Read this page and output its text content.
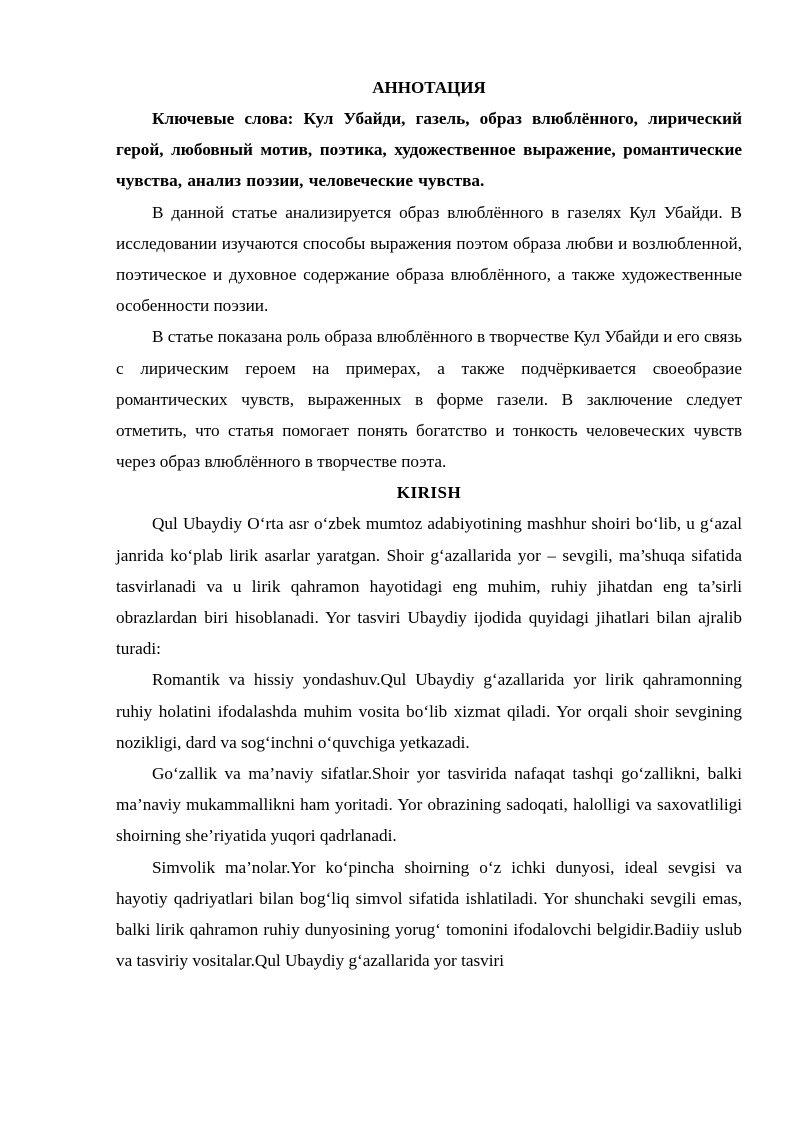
АННОТАЦИЯ

Ключевые слова: Кул Убайди, газель, образ влюблённого, лирический герой, любовный мотив, поэтика, художественное выражение, романтические чувства, анализ поэзии, человеческие чувства.

В данной статье анализируется образ влюблённого в газелях Кул Убайди. В исследовании изучаются способы выражения поэтом образа любви и возлюбленной, поэтическое и духовное содержание образа влюблённого, а также художественные особенности поэзии.

В статье показана роль образа влюблённого в творчестве Кул Убайди и его связь с лирическим героем на примерах, а также подчёркивается своеобразие романтических чувств, выраженных в форме газели. В заключение следует отметить, что статья помогает понять богатство и тонкость человеческих чувств через образ влюблённого в творчестве поэта.

KIRISH

Qul Ubaydiy O‘rta asr o‘zbek mumtoz adabiyotining mashhur shoiri bo‘lib, u g‘azal janrida ko‘plab lirik asarlar yaratgan. Shoir g‘azallarida yor – sevgili, ma’shuqa sifatida tasvirlanadi va u lirik qahramon hayotidagi eng muhim, ruhiy jihatdan eng ta’sirli obrazlardan biri hisoblanadi. Yor tasviri Ubaydiy ijodida quyidagi jihatlari bilan ajralib turadi:

Romantik va hissiy yondashuv.Qul Ubaydiy g‘azallarida yor lirik qahramonning ruhiy holatini ifodalashda muhim vosita bo‘lib xizmat qiladi. Yor orqali shoir sevgining nozikligi, dard va sog‘inchni o‘quvchiga yetkazadi.

Go‘zallik va ma’naviy sifatlar.Shoir yor tasvirida nafaqat tashqi go‘zallikni, balki ma’naviy mukammallikni ham yoritadi. Yor obrazining sadoqati, halolligi va saxovatliligi shoirning she’riyatida yuqori qadrlanadi.

Simvolik ma’nolar.Yor ko‘pincha shoirning o‘z ichki dunyosi, ideal sevgisi va hayotiy qadriyatlari bilan bog‘liq simvol sifatida ishlatiladi. Yor shunchaki sevgili emas, balki lirik qahramon ruhiy dunyosining yorug‘ tomonini ifodalovchi belgidir.Badiiy uslub va tasviriy vositalar.Qul Ubaydiy g‘azallarida yor tasviri
